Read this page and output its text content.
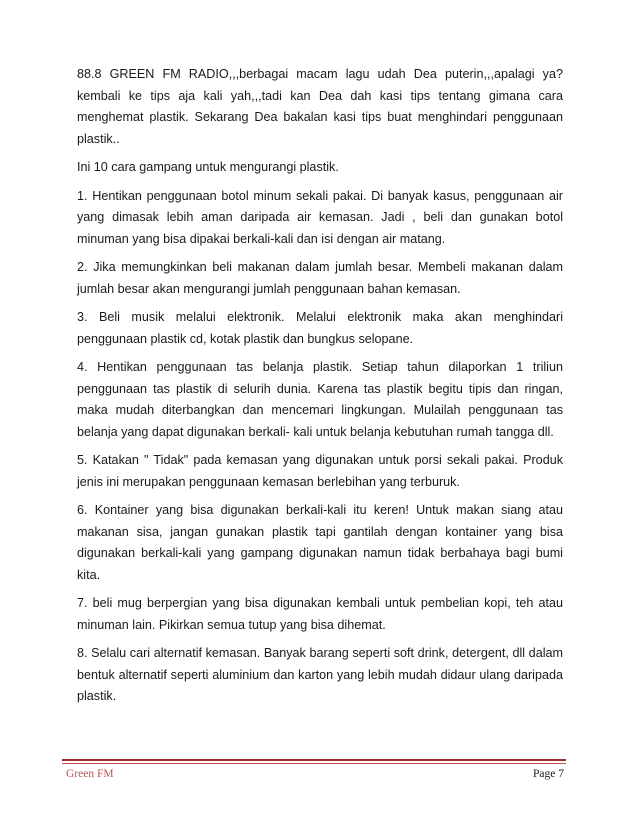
88.8 GREEN FM RADIO,,,berbagai macam lagu udah Dea puterin,,,apalagi ya? kembali ke tips aja kali yah,,,tadi kan Dea dah kasi tips tentang gimana cara menghemat plastik. Sekarang Dea bakalan kasi tips buat menghindari penggunaan plastik..

Ini 10 cara gampang untuk mengurangi plastik.

1. Hentikan penggunaan botol minum sekali pakai. Di banyak kasus, penggunaan air yang dimasak lebih aman daripada air kemasan. Jadi , beli dan gunakan botol minuman yang bisa dipakai berkali-kali dan isi dengan air matang.

2. Jika memungkinkan beli makanan dalam jumlah besar. Membeli makanan dalam jumlah besar akan mengurangi jumlah penggunaan bahan kemasan.

3. Beli musik melalui elektronik. Melalui elektronik maka akan menghindari penggunaan plastik cd, kotak plastik dan bungkus selopane.

4. Hentikan penggunaan tas belanja plastik. Setiap tahun dilaporkan 1 triliun penggunaan tas plastik di selurih dunia. Karena tas plastik begitu tipis dan ringan, maka mudah diterbangkan dan mencemari lingkungan. Mulailah penggunaan tas belanja yang dapat digunakan berkali- kali untuk belanja kebutuhan rumah tangga dll.

5. Katakan " Tidak" pada kemasan yang digunakan untuk porsi sekali pakai. Produk jenis ini merupakan penggunaan kemasan berlebihan yang terburuk.

6. Kontainer yang bisa digunakan berkali-kali itu keren! Untuk makan siang atau makanan sisa, jangan gunakan plastik tapi gantilah dengan kontainer yang bisa digunakan berkali-kali yang gampang digunakan namun tidak berbahaya bagi bumi kita.

7. beli mug berpergian yang bisa digunakan kembali untuk pembelian kopi, teh atau minuman lain. Pikirkan semua tutup yang bisa dihemat.

8. Selalu cari alternatif kemasan. Banyak barang seperti soft drink, detergent, dll dalam bentuk alternatif seperti aluminium dan karton yang lebih mudah didaur ulang daripada plastik.

Green FM	Page 7
